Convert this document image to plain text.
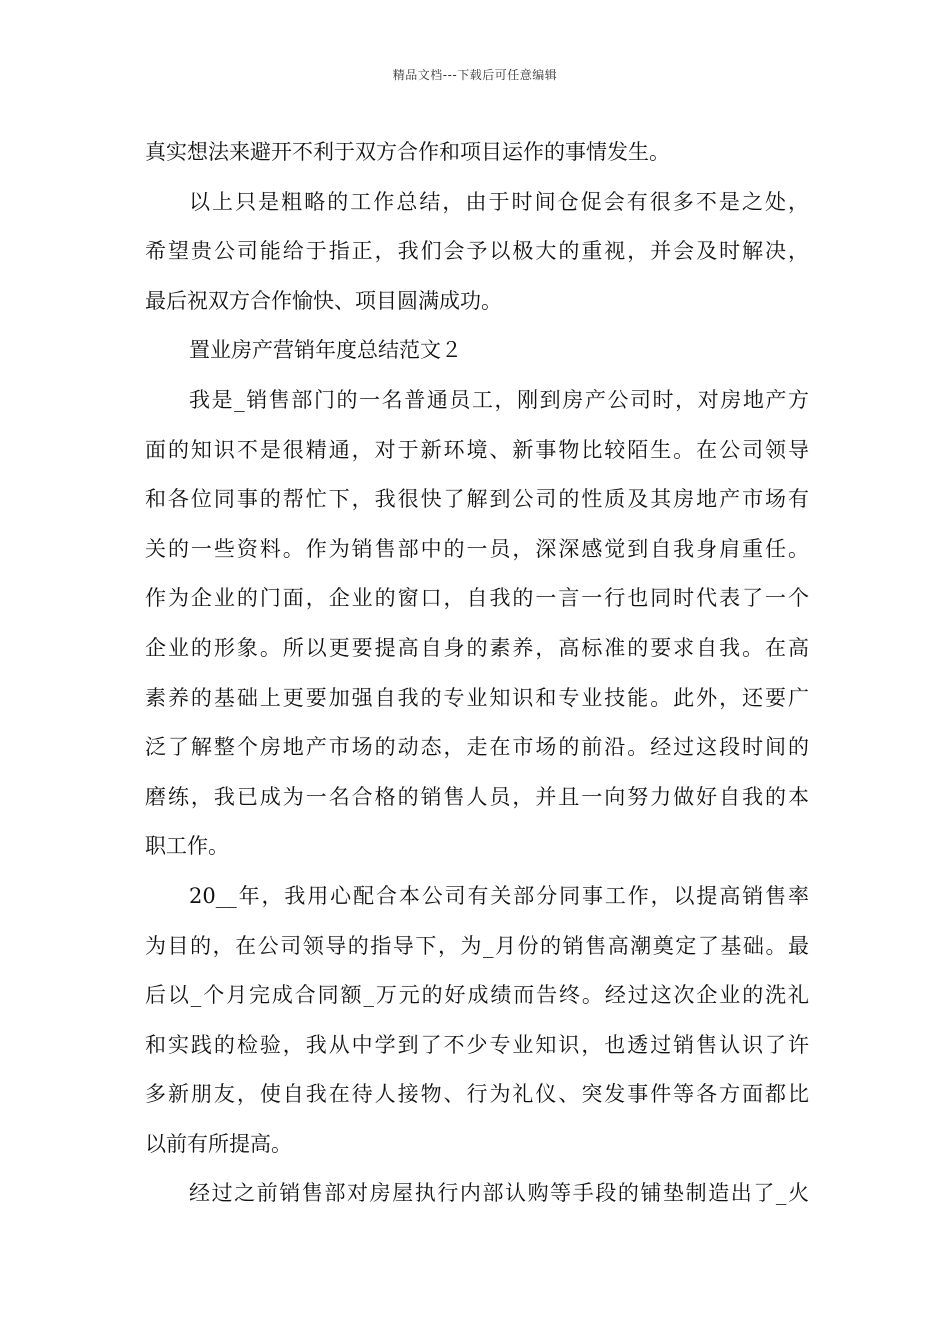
精品文档---下载后可任意编辑
真实想法来避开不利于双方合作和项目运作的事情发生。
以上只是粗略的工作总结，由于时间仓促会有很多不是之处，
希望贵公司能给于指正，我们会予以极大的重视，并会及时解决，
最后祝双方合作愉快、项目圆满成功。
置业房产营销年度总结范文２
我是_销售部门的一名普通员工，刚到房产公司时，对房地产方
面的知识不是很精通，对于新环境、新事物比较陌生。在公司领导
和各位同事的帮忙下，我很快了解到公司的性质及其房地产市场有
关的一些资料。作为销售部中的一员，深深感觉到自我身肩重任。
作为企业的门面，企业的窗口，自我的一言一行也同时代表了一个
企业的形象。所以更要提高自身的素养，高标准的要求自我。在高
素养的基础上更要加强自我的专业知识和专业技能。此外，还要广
泛了解整个房地产市场的动态，走在市场的前沿。经过这段时间的
磨练，我已成为一名合格的销售人员，并且一向努力做好自我的本
职工作。
20__年，我用心配合本公司有关部分同事工作，以提高销售率
为目的，在公司领导的指导下，为_月份的销售高潮奠定了基础。最
后以_个月完成合同额_万元的好成绩而告终。经过这次企业的洗礼
和实践的检验，我从中学到了不少专业知识，也透过销售认识了许
多新朋友，使自我在待人接物、行为礼仪、突发事件等各方面都比
以前有所提高。
经过之前销售部对房屋执行内部认购等手段的铺垫制造出了_火
